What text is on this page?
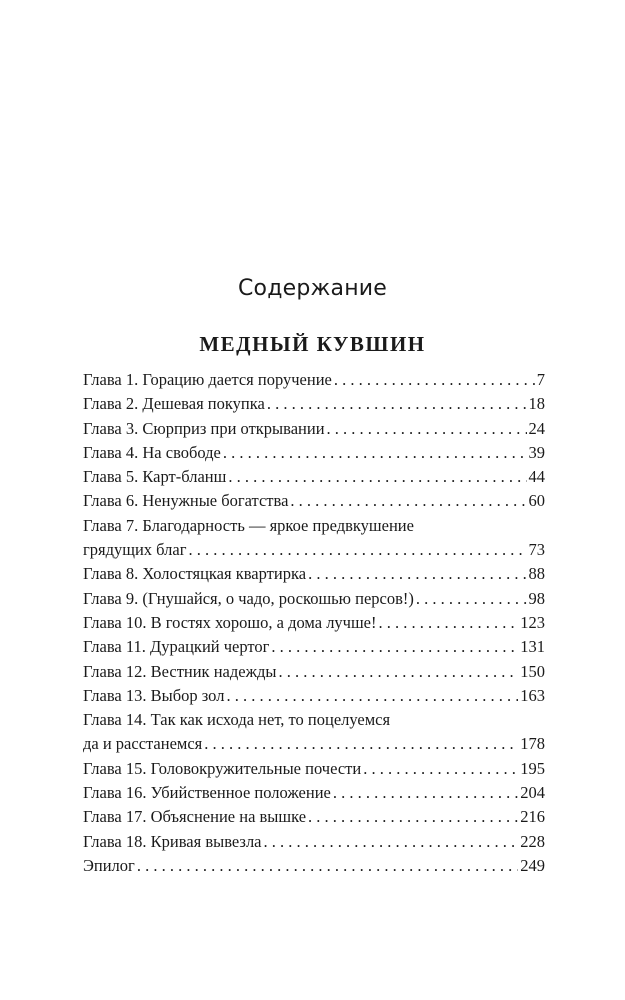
Содержание
МЕДНЫЙ КУВШИН
Глава 1. Горацию дается поручение . . .	7
Глава 2. Дешевая покупка . . .	18
Глава 3. Сюрприз при открывании . . .	24
Глава 4. На свободе . . .	39
Глава 5. Карт-бланш . . .	44
Глава 6. Ненужные богатства . . .	60
Глава 7. Благодарность — яркое предвкушение
грядущих благ . . .	73
Глава 8. Холостяцкая квартирка . . .	88
Глава 9. (Гнушайся, о чадо, роскошью персов!) . . .	98
Глава 10. В гостях хорошо, а дома лучше! . . .	123
Глава 11. Дурацкий чертог . . .	131
Глава 12. Вестник надежды . . .	150
Глава 13. Выбор зол . . .	163
Глава 14. Так как исхода нет, то поцелуемся
да и расстанемся . . .	178
Глава 15. Головокружительные почести . . .	195
Глава 16. Убийственное положение . . .	204
Глава 17. Объяснение на вышке . . .	216
Глава 18. Кривая вывезла . . .	228
Эпилог . . .	249
